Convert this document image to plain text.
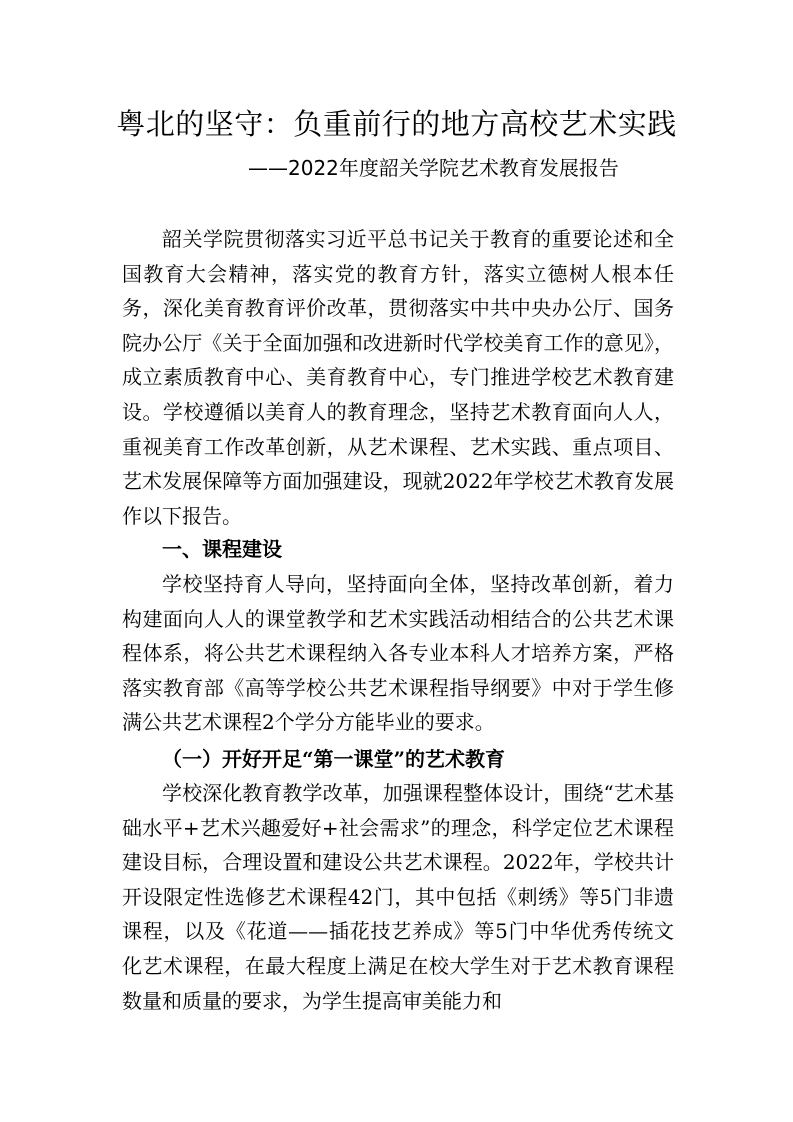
粤北的坚守：负重前行的地方高校艺术实践
——2022年度韶关学院艺术教育发展报告

韶关学院贯彻落实习近平总书记关于教育的重要论述和全国教育大会精神，落实党的教育方针，落实立德树人根本任务，深化美育教育评价改革，贯彻落实中共中央办公厅、国务院办公厅《关于全面加强和改进新时代学校美育工作的意见》，成立素质教育中心、美育教育中心，专门推进学校艺术教育建设。学校遵循以美育人的教育理念，坚持艺术教育面向人人，重视美育工作改革创新，从艺术课程、艺术实践、重点项目、艺术发展保障等方面加强建设，现就2022年学校艺术教育发展作以下报告。

一、课程建设

学校坚持育人导向，坚持面向全体，坚持改革创新，着力构建面向人人的课堂教学和艺术实践活动相结合的公共艺术课程体系，将公共艺术课程纳入各专业本科人才培养方案，严格落实教育部《高等学校公共艺术课程指导纲要》中对于学生修满公共艺术课程2个学分方能毕业的要求。

（一）开好开足“第一课堂”的艺术教育

学校深化教育教学改革，加强课程整体设计，围绕“艺术基础水平+艺术兴趣爱好+社会需求”的理念，科学定位艺术课程建设目标，合理设置和建设公共艺术课程。2022年，学校共计开设限定性选修艺术课程42门，其中包括《刺绣》等5门非遗课程，以及《花道——插花技艺养成》等5门中华优秀传统文化艺术课程，在最大程度上满足在校大学生对于艺术教育课程数量和质量的要求，为学生提高审美能力和
